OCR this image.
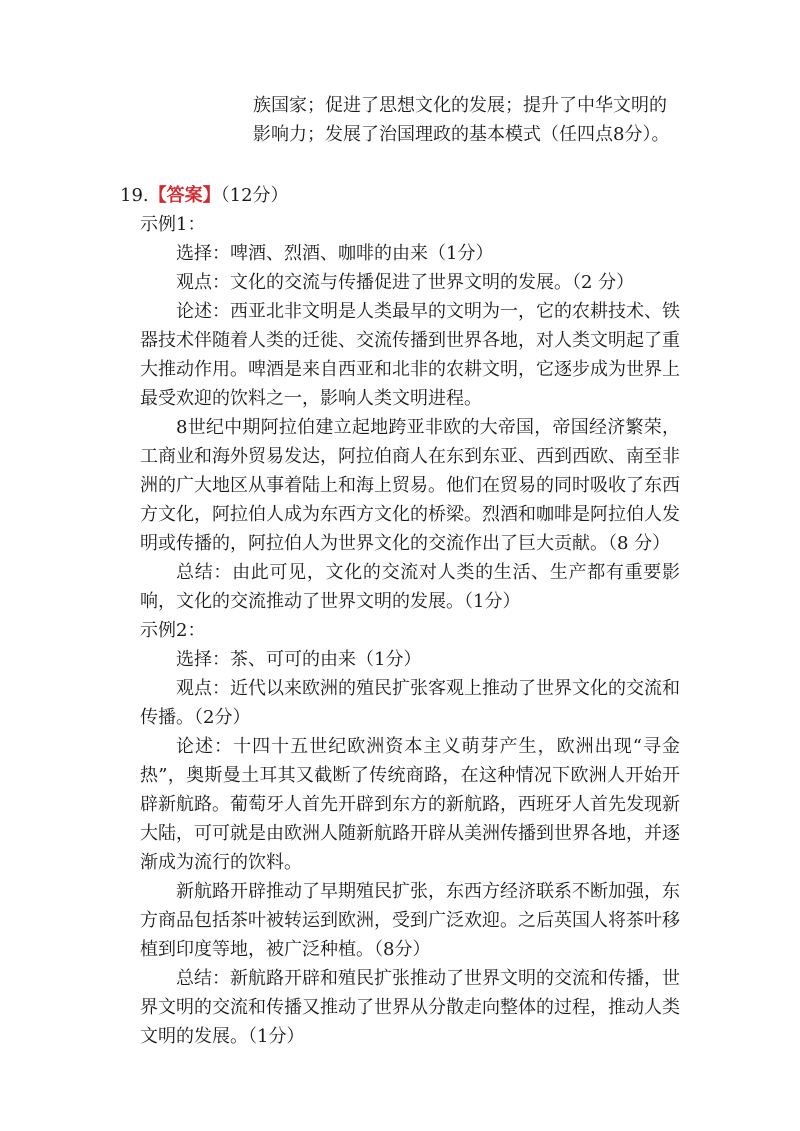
族国家；促进了思想文化的发展；提升了中华文明的影响力；发展了治国理政的基本模式（任四点8分）。
19.【答案】（12分）
示例1：

选择：啤酒、烈酒、咖啡的由来（1分）

观点：文化的交流与传播促进了世界文明的发展。（2 分）

论述：西亚北非文明是人类最早的文明为一，它的农耕技术、铁器技术伴随着人类的迁徙、交流传播到世界各地，对人类文明起了重大推动作用。啤酒是来自西亚和北非的农耕文明，它逐步成为世界上最受欢迎的饮料之一，影响人类文明进程。

8世纪中期阿拉伯建立起地跨亚非欧的大帝国，帝国经济繁荣，工商业和海外贸易发达，阿拉伯商人在东到东亚、西到西欧、南至非洲的广大地区从事着陆上和海上贸易。他们在贸易的同时吸收了东西方文化，阿拉伯人成为东西方文化的桥梁。烈酒和咖啡是阿拉伯人发明或传播的，阿拉伯人为世界文化的交流作出了巨大贡献。（8 分）

总结：由此可见，文化的交流对人类的生活、生产都有重要影响，文化的交流推动了世界文明的发展。（1分）

示例2：

选择：茶、可可的由来（1分）

观点：近代以来欧洲的殖民扩张客观上推动了世界文化的交流和传播。（2分）

论述：十四十五世纪欧洲资本主义萌芽产生，欧洲出现“寻金热”，奥斯曼土耳其又截断了传统商路，在这种情况下欧洲人开始开辟新航路。葡萄牙人首先开辟到东方的新航路，西班牙人首先发现新大陆，可可就是由欧洲人随新航路开辟从美洲传播到世界各地，并逐渐成为流行的饮料。

新航路开辟推动了早期殖民扩张，东西方经济联系不断加强，东方商品包括茶叶被转运到欧洲，受到广泛欢迎。之后英国人将茶叶移植到印度等地，被广泛种植。（8分）

总结：新航路开辟和殖民扩张推动了世界文明的交流和传播，世界文明的交流和传播又推动了世界从分散走向整体的过程，推动人类文明的发展。（1分）
